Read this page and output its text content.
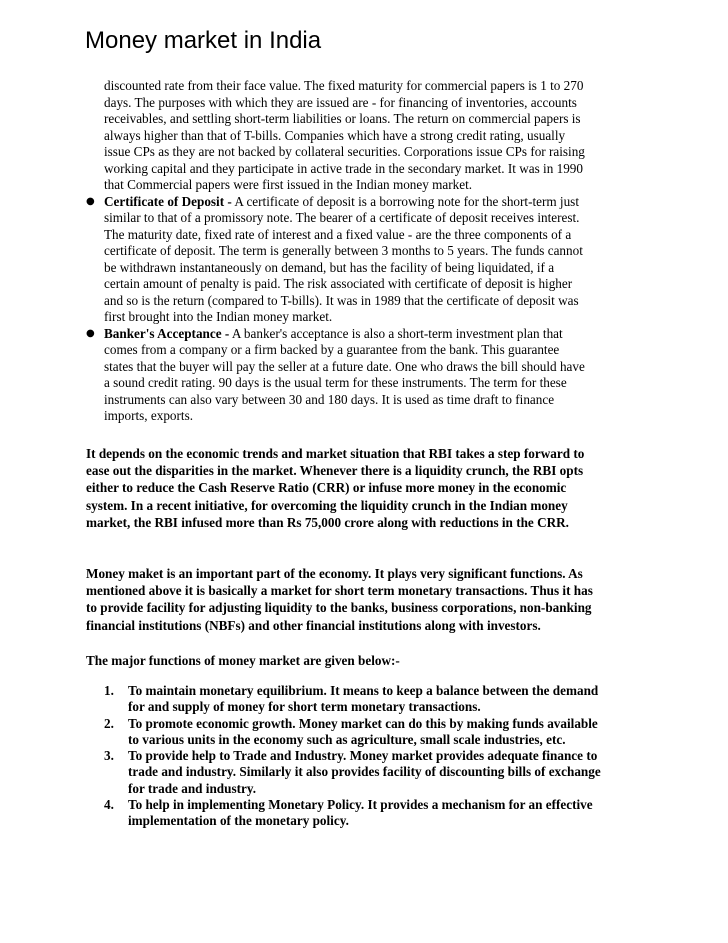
Money market in India
discounted rate from their face value. The fixed maturity for commercial papers is 1 to 270
days. The purposes with which they are issued are - for financing of inventories, accounts
receivables, and settling short-term liabilities or loans. The return on commercial papers is
always higher than that of T-bills. Companies which have a strong credit rating, usually
issue CPs as they are not backed by collateral securities. Corporations issue CPs for raising
working capital and they participate in active trade in the secondary market. It was in 1990
that Commercial papers were first issued in the Indian money market.
● Certificate of Deposit - A certificate of deposit is a borrowing note for the short-term just
similar to that of a promissory note. The bearer of a certificate of deposit receives interest.
The maturity date, fixed rate of interest and a fixed value - are the three components of a
certificate of deposit. The term is generally between 3 months to 5 years. The funds cannot
be withdrawn instantaneously on demand, but has the facility of being liquidated, if a
certain amount of penalty is paid. The risk associated with certificate of deposit is higher
and so is the return (compared to T-bills). It was in 1989 that the certificate of deposit was
first brought into the Indian money market.
● Banker's Acceptance - A banker's acceptance is also a short-term investment plan that
comes from a company or a firm backed by a guarantee from the bank. This guarantee
states that the buyer will pay the seller at a future date. One who draws the bill should have
a sound credit rating. 90 days is the usual term for these instruments. The term for these
instruments can also vary between 30 and 180 days. It is used as time draft to finance
imports, exports.

It depends on the economic trends and market situation that RBI takes a step forward to
ease out the disparities in the market. Whenever there is a liquidity crunch, the RBI opts
either to reduce the Cash Reserve Ratio (CRR) or infuse more money in the economic
system. In a recent initiative, for overcoming the liquidity crunch in the Indian money
market, the RBI infused more than Rs 75,000 crore along with reductions in the CRR.

Money maket is an important part of the economy. It plays very significant functions. As
mentioned above it is basically a market for short term monetary transactions. Thus it has
to provide facility for adjusting liquidity to the banks, business corporations, non-banking
financial institutions (NBFs) and other financial institutions along with investors.

The major functions of money market are given below:-

1. To maintain monetary equilibrium. It means to keep a balance between the demand
for and supply of money for short term monetary transactions.
2. To promote economic growth. Money market can do this by making funds available
to various units in the economy such as agriculture, small scale industries, etc.
3. To provide help to Trade and Industry. Money market provides adequate finance to
trade and industry. Similarly it also provides facility of discounting bills of exchange
for trade and industry.
4. To help in implementing Monetary Policy. It provides a mechanism for an effective
implementation of the monetary policy.
